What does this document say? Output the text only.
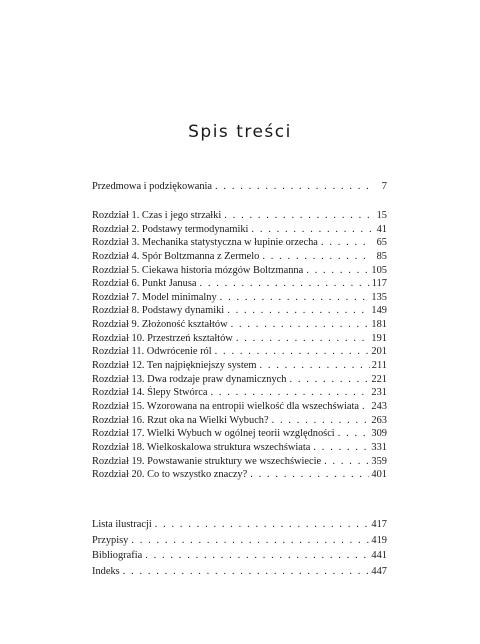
Spis treści
Przedmowa i podziękowania . . .	7
Rozdział 1. Czas i jego strzałki . . .	15
Rozdział 2. Podstawy termodynamiki . . .	41
Rozdział 3. Mechanika statystyczna w łupinie orzecha . . .	65
Rozdział 4. Spór Boltzmanna z Zermelo . . .	85
Rozdział 5. Ciekawa historia mózgów Boltzmanna . . .	105
Rozdział 6. Punkt Janusa . . .	117
Rozdział 7. Model minimalny . . .	135
Rozdział 8. Podstawy dynamiki . . .	149
Rozdział 9. Złożoność kształtów . . .	181
Rozdział 10. Przestrzeń kształtów . . .	191
Rozdział 11. Odwrócenie ról . . .	201
Rozdział 12. Ten najpiękniejszy system . . .	211
Rozdział 13. Dwa rodzaje praw dynamicznych . . .	221
Rozdział 14. Ślepy Stwórca . . .	231
Rozdział 15. Wzorowana na entropii wielkość dla wszechświata . . . 243
Rozdział 16. Rzut oka na Wielki Wybuch? . . .	263
Rozdział 17. Wielki Wybuch w ogólnej teorii względności . . .	309
Rozdział 18. Wielkoskalowa struktura wszechświata . . .	331
Rozdział 19. Powstawanie struktury we wszechświecie . . .	359
Rozdział 20. Co to wszystko znaczy? . . .	401
Lista ilustracji . . .	417
Przypisy . . .	419
Bibliografia . . .	441
Indeks . . .	447
